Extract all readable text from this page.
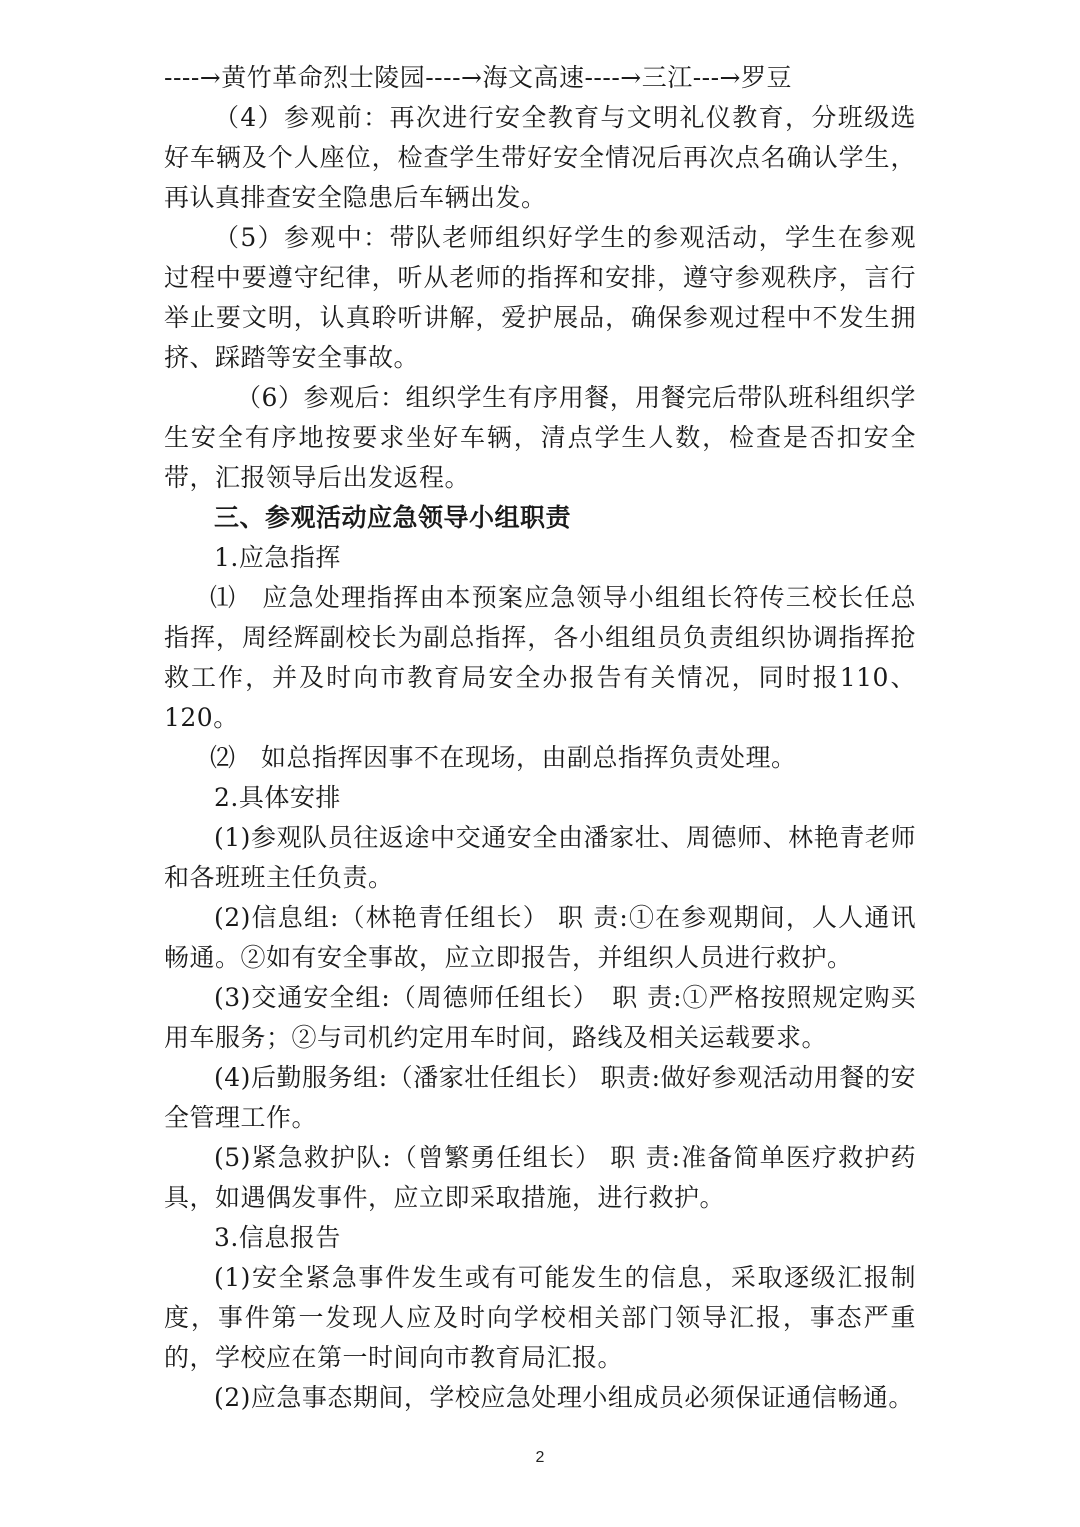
----→黄竹革命烈士陵园----→海文高速----→三江---→罗豆

（4）参观前：再次进行安全教育与文明礼仪教育，分班级选好车辆及个人座位，检查学生带好安全情况后再次点名确认学生，再认真排查安全隐患后车辆出发。

（5）参观中：带队老师组织好学生的参观活动，学生在参观过程中要遵守纪律，听从老师的指挥和安排，遵守参观秩序，言行举止要文明，认真聆听讲解，爱护展品，确保参观过程中不发生拥挤、踩踏等安全事故。

（6）参观后：组织学生有序用餐，用餐完后带队班科组织学生安全有序地按要求坐好车辆，清点学生人数，检查是否扣安全带，汇报领导后出发返程。

三、参观活动应急领导小组职责

1.应急指挥

⑴　应急处理指挥由本预案应急领导小组组长符传三校长任总指挥，周经辉副校长为副总指挥，各小组组员负责组织协调指挥抢救工作，并及时向市教育局安全办报告有关情况，同时报110、120。

⑵　如总指挥因事不在现场，由副总指挥负责处理。

2.具体安排

(1)参观队员往返途中交通安全由潘家壮、周德师、林艳青老师和各班班主任负责。

(2)信息组:（林艳青任组长） 职 责:①在参观期间，人人通讯畅通。②如有安全事故，应立即报告，并组织人员进行救护。

(3)交通安全组:（周德师任组长）　职 责:①严格按照规定购买用车服务；②与司机约定用车时间，路线及相关运载要求。

(4)后勤服务组:（潘家壮任组长） 职责:做好参观活动用餐的安全管理工作。

(5)紧急救护队:（曾繁勇任组长） 职 责:准备简单医疗救护药具，如遇偶发事件，应立即采取措施，进行救护。

3.信息报告

(1)安全紧急事件发生或有可能发生的信息，采取逐级汇报制度，事件第一发现人应及时向学校相关部门领导汇报，事态严重的，学校应在第一时间向市教育局汇报。

(2)应急事态期间，学校应急处理小组成员必须保证通信畅通。

2
